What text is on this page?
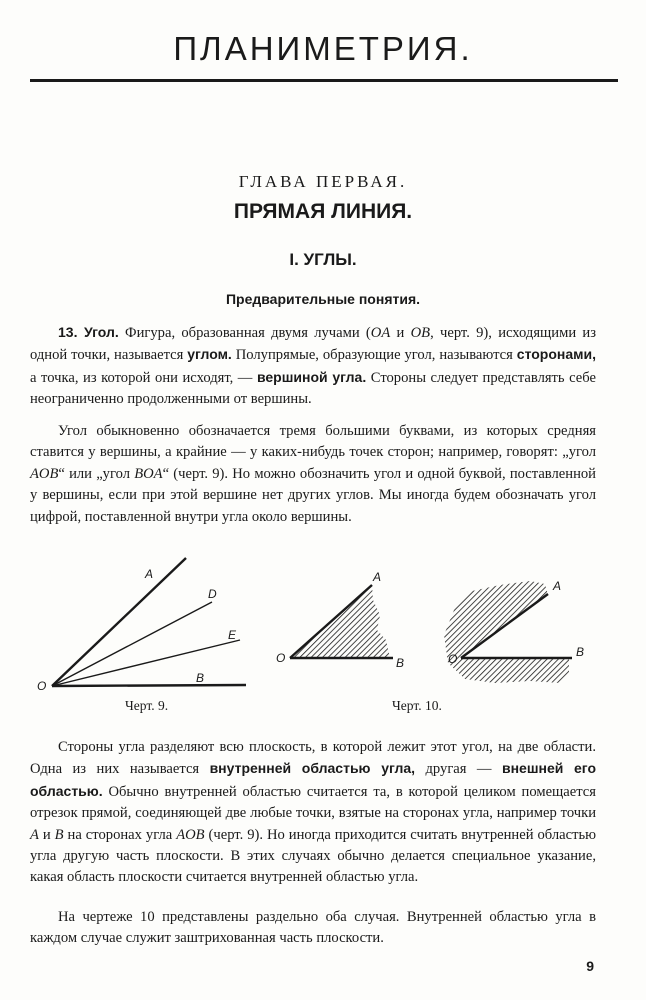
ПЛАНИМЕТРИЯ.
ГЛАВА ПЕРВАЯ.
ПРЯМАЯ ЛИНИЯ.
I. УГЛЫ.
Предварительные понятия.

13. Угол. Фигура, образованная двумя лучами (OA и OB, черт. 9), исходящими из одной точки, называется углом. Полупрямые, образующие угол, называются сторонами, а точка, из которой они исходят, — вершиной угла. Стороны следует представлять себе неограниченно продолженными от вершины.

Угол обыкновенно обозначается тремя большими буквами, из которых средняя ставится у вершины, а крайние — у каких-нибудь точек сторон; например, говорят: „угол AOB“ или „угол BOA“ (черт. 9). Но можно обозначить угол и одной буквой, поставленной у вершины, если при этой вершине нет других углов. Мы иногда будем обозначать угол цифрой, поставленной внутри угла около вершины.

A
D
E
B
O
A
O	B
A
O	B
Черт. 9.	Черт. 10.

Стороны угла разделяют всю плоскость, в которой лежит этот угол, на две области. Одна из них называется внутренней областью угла, другая — внешней его областью. Обычно внутренней областью считается та, в которой целиком помещается отрезок прямой, соединяющей две любые точки, взятые на сторонах угла, например точки A и B на сторонах угла AOB (черт. 9). Но иногда приходится считать внутренней областью угла другую часть плоскости. В этих случаях обычно делается специальное указание, какая область плоскости считается внутренней областью угла.

На чертеже 10 представлены раздельно оба случая. Внутренней областью угла в каждом случае служит заштрихованная часть плоскости.

9
